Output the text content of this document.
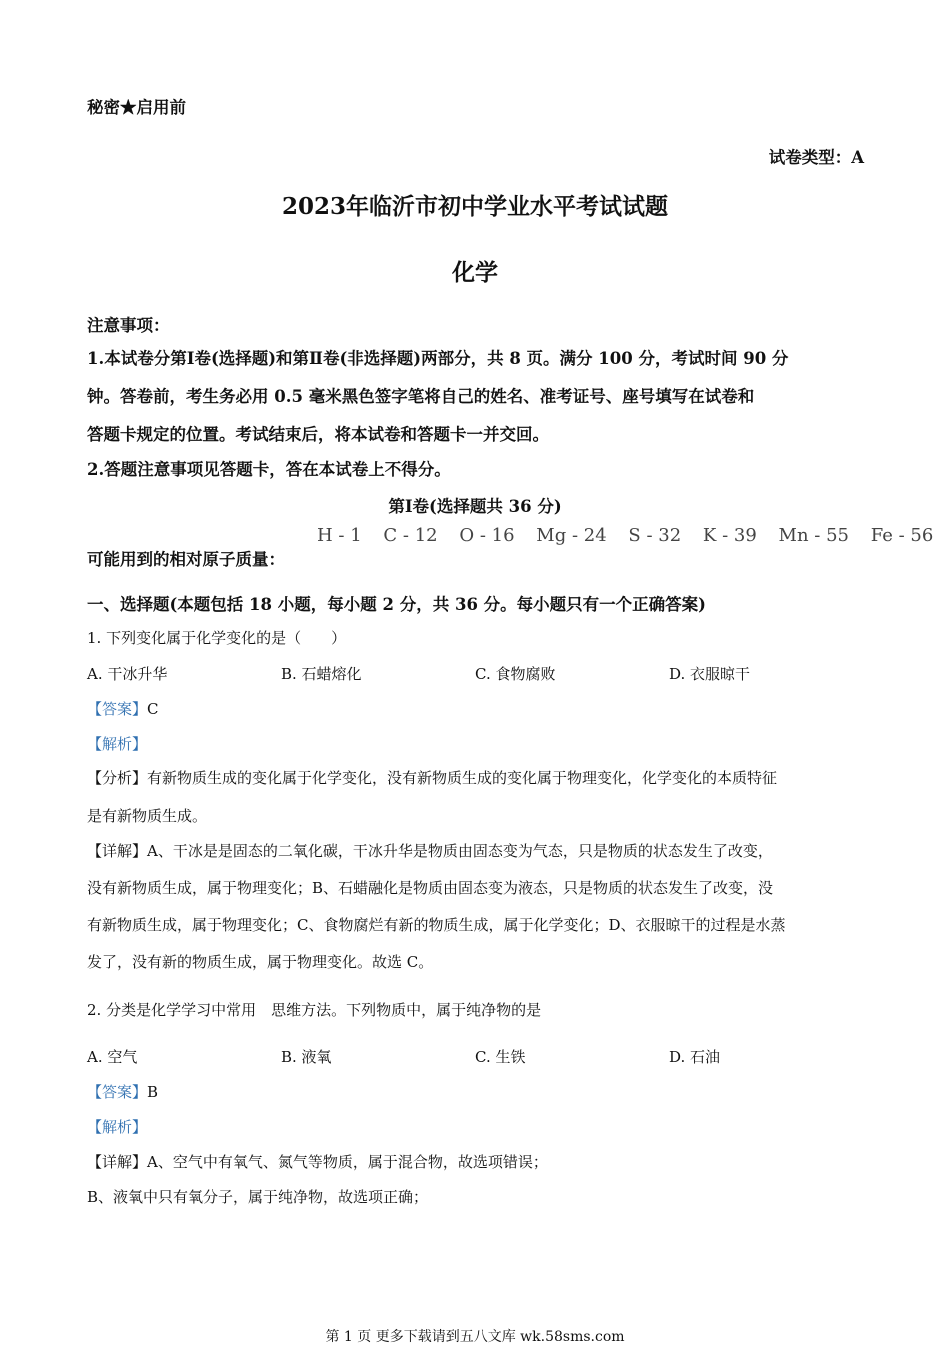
秘密★启用前
试卷类型：A
2023年临沂市初中学业水平考试试题
化学
注意事项：
1.本试卷分第Ⅰ卷(选择题)和第Ⅱ卷(非选择题)两部分，共 8 页。满分 100 分，考试时间 90 分
钟。答卷前，考生务必用 0.5 毫米黑色签字笔将自己的姓名、准考证号、座号填写在试卷和
答题卡规定的位置。考试结束后，将本试卷和答题卡一并交回。
2.答题注意事项见答题卡，答在本试卷上不得分。
第Ⅰ卷(选择题共 36 分)
H - 1 C - 12 O - 16 Mg - 24 S - 32 K - 39 Mn - 55 Fe - 56
可能用到的相对原子质量：
一、选择题(本题包括 18 小题，每小题 2 分，共 36 分。每小题只有一个正确答案)
1. 下列变化属于化学变化的是（　　）
A. 干冰升华	B. 石蜡熔化	C. 食物腐败	D. 衣服晾干
【答案】C
【解析】
【分析】有新物质生成的变化属于化学变化，没有新物质生成的变化属于物理变化，化学变化的本质特征
是有新物质生成。
【详解】A、干冰是是固态的二氧化碳，干冰升华是物质由固态变为气态，只是物质的状态发生了改变，
没有新物质生成，属于物理变化；B、石蜡融化是物质由固态变为液态，只是物质的状态发生了改变，没
有新物质生成，属于物理变化；C、食物腐烂有新的物质生成，属于化学变化；D、衣服晾干的过程是水蒸
发了，没有新的物质生成，属于物理变化。故选 C。
2. 分类是化学学习中常用　思维方法。下列物质中，属于纯净物的是
A. 空气	B. 液氧	C. 生铁	D. 石油
【答案】B
【解析】
【详解】A、空气中有氧气、氮气等物质，属于混合物，故选项错误；
B、液氧中只有氧分子，属于纯净物，故选项正确；
第 1 页 更多下载请到五八文库 wk.58sms.com
